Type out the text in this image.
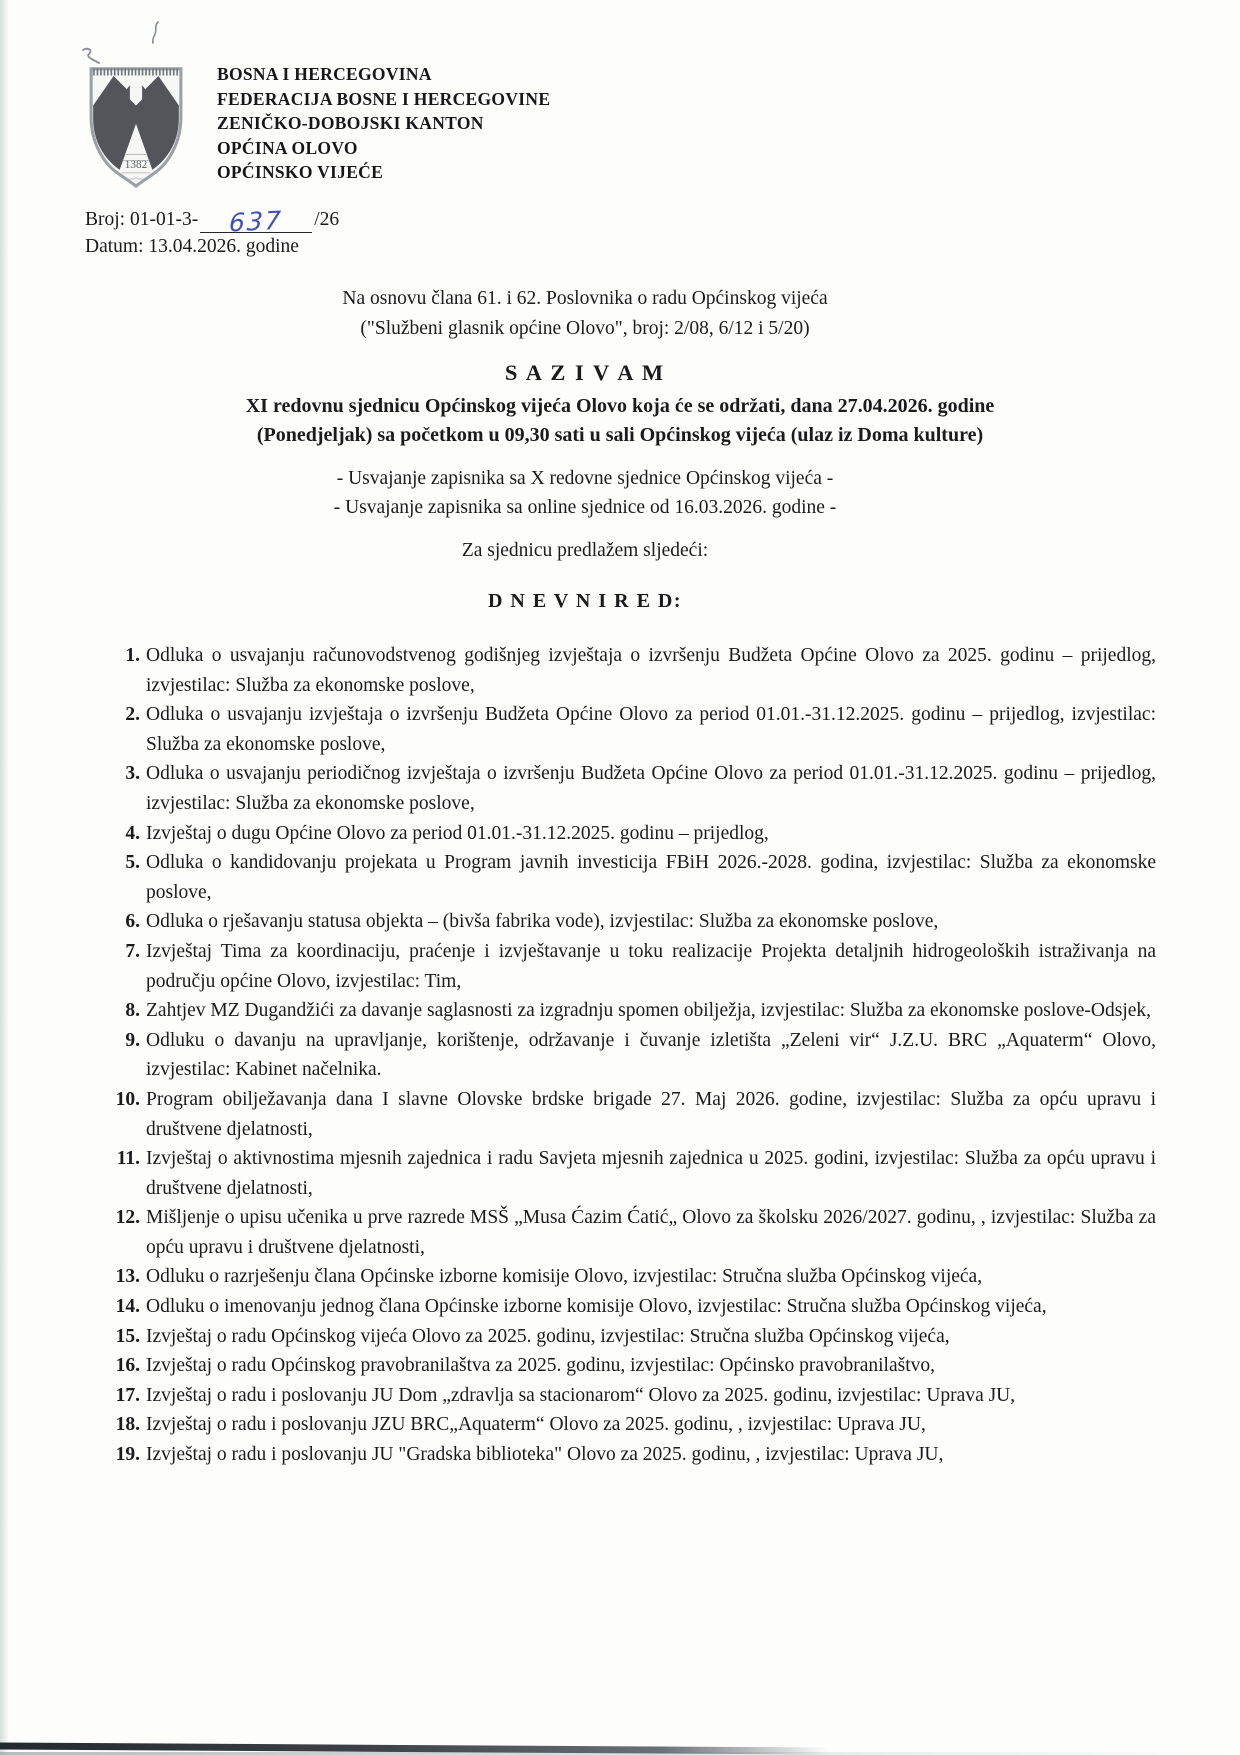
1382
BOSNA I HERCEGOVINA
FEDERACIJA BOSNE I HERCEGOVINE
ZENIČKO-DOBOJSKI KANTON
OPĆINA OLOVO
OPĆINSKO VIJEĆE
Broj: 01-01-3- 637 /26
Datum: 13.04.2026. godine
Na osnovu člana 61. i 62. Poslovnika o radu Općinskog vijeća
("Službeni glasnik općine Olovo", broj: 2/08, 6/12 i 5/20)
S A Z I V A M
XI redovnu sjednicu Općinskog vijeća Olovo koja će se održati, dana 27.04.2026. godine
(Ponedjeljak) sa početkom u 09,30 sati u sali Općinskog vijeća (ulaz iz Doma kulture)
- Usvajanje zapisnika sa X redovne sjednice Općinskog vijeća -
- Usvajanje zapisnika sa online sjednice od 16.03.2026. godine -
Za sjednicu predlažem sljedeći:
D N E V N I R E D:
1. Odluka o usvajanju računovodstvenog godišnjeg izvještaja o izvršenju Budžeta Općine Olovo za 2025. godinu – prijedlog, izvjestilac: Služba za ekonomske poslove,
2. Odluka o usvajanju izvještaja o izvršenju Budžeta Općine Olovo za period 01.01.-31.12.2025. godinu – prijedlog, izvjestilac: Služba za ekonomske poslove,
3. Odluka o usvajanju periodičnog izvještaja o izvršenju Budžeta Općine Olovo za period 01.01.-31.12.2025. godinu – prijedlog, izvjestilac: Služba za ekonomske poslove,
4. Izvještaj o dugu Općine Olovo za period 01.01.-31.12.2025. godinu – prijedlog,
5. Odluka o kandidovanju projekata u Program javnih investicija FBiH 2026.-2028. godina, izvjestilac: Služba za ekonomske poslove,
6. Odluka o rješavanju statusa objekta – (bivša fabrika vode), izvjestilac: Služba za ekonomske poslove,
7. Izvještaj Tima za koordinaciju, praćenje i izvještavanje u toku realizacije Projekta detaljnih hidrogeoloških istraživanja na području općine Olovo, izvjestilac: Tim,
8. Zahtjev MZ Dugandžići za davanje saglasnosti za izgradnju spomen obilježja, izvjestilac: Služba za ekonomske poslove-Odsjek,
9. Odluku o davanju na upravljanje, korištenje, održavanje i čuvanje izletišta „Zeleni vir“ J.Z.U. BRC „Aquaterm“ Olovo, izvjestilac: Kabinet načelnika.
10. Program obilježavanja dana I slavne Olovske brdske brigade 27. Maj 2026. godine, izvjestilac: Služba za opću upravu i društvene djelatnosti,
11. Izvještaj o aktivnostima mjesnih zajednica i radu Savjeta mjesnih zajednica u 2025. godini, izvjestilac: Služba za opću upravu i društvene djelatnosti,
12. Mišljenje o upisu učenika u prve razrede MSŠ „Musa Ćazim Ćatić„ Olovo za školsku 2026/2027. godinu, , izvjestilac: Služba za opću upravu i društvene djelatnosti,
13. Odluku o razrješenju člana Općinske izborne komisije Olovo, izvjestilac: Stručna služba Općinskog vijeća,
14. Odluku o imenovanju jednog člana Općinske izborne komisije Olovo, izvjestilac: Stručna služba Općinskog vijeća,
15. Izvještaj o radu Općinskog vijeća Olovo za 2025. godinu, izvjestilac: Stručna služba Općinskog vijeća,
16. Izvještaj o radu Općinskog pravobranilaštva za 2025. godinu, izvjestilac: Općinsko pravobranilaštvo,
17. Izvještaj o radu i poslovanju JU Dom „zdravlja sa stacionarom“ Olovo za 2025. godinu, izvjestilac: Uprava JU,
18. Izvještaj o radu i poslovanju JZU BRC„Aquaterm“ Olovo za 2025. godinu, , izvjestilac: Uprava JU,
19. Izvještaj o radu i poslovanju JU "Gradska biblioteka" Olovo za 2025. godinu, , izvjestilac: Uprava JU,
